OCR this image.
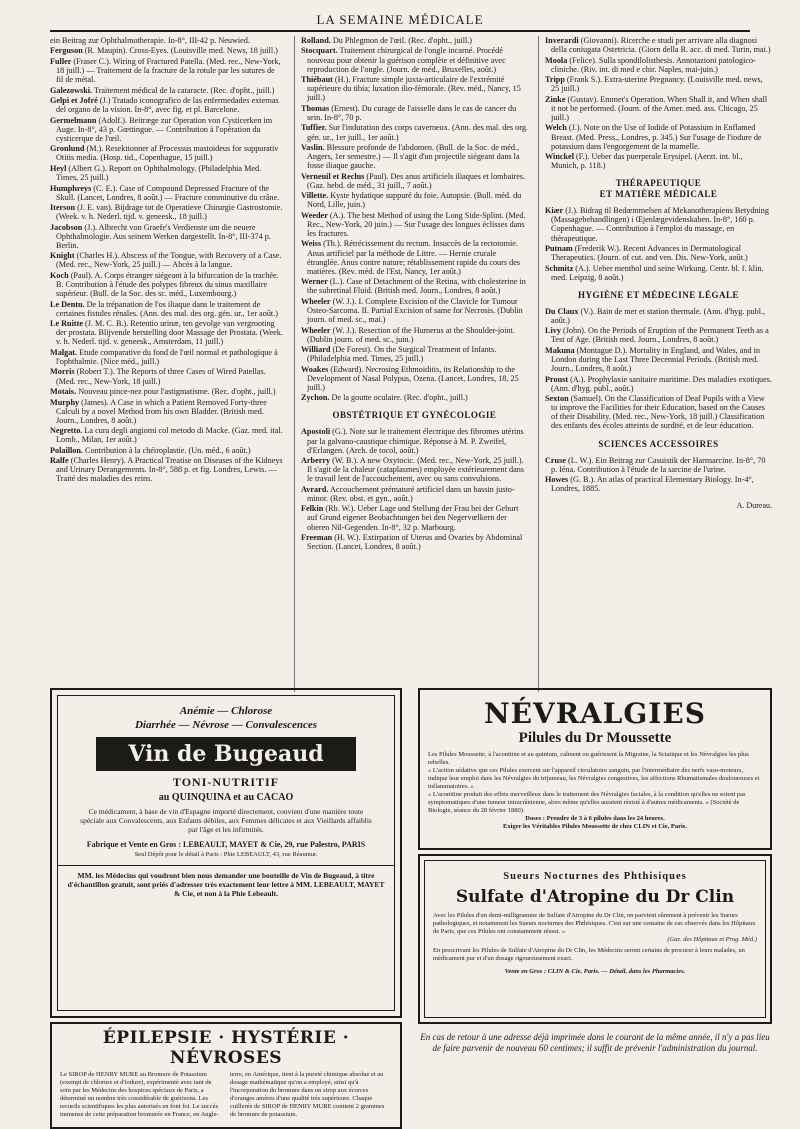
LA SEMAINE MÉDICALE
ein Beitrag zur Ophthalmotherapie. In-8°, III-42 p. Neuwied.
Ferguson (R. Maupin). Cross-Eyes. (Louisville med. News, 18 juill.)
Fuller (Fraser C.). Wiring of Fractured Patella. (Med. rec., New-York, 18 juill.) — Traitement de la fracture de la rotule par les sutures de fil de métal.
Galezowski. Traitement médical de la cataracte. (Rec. d'opht., juill.)
Gelpi et Jofré (J.) Tratado iconografico de las enfermedades externas del organo de la vision. In-8°, avec fig. et pl. Barcelone.
Germelmann (Adolf.). Beitræge zur Operation von Cysticerken im Auge. In-8°, 43 p. Gœttingue. — Contribution à l'opération du cysticerque de l'œil.
Gronlund (M.). Resektionner af Processus mastoideus for suppurativ Otitis media. (Hosp. tid., Copenhague, 15 juill.)
Heyl (Albert G.). Report on Ophthalmology. (Philadelphia Med. Times, 25 juill.)
Humphreys (C. E.). Case of Compound Depressed Fracture of the Skull. (Lancet, Londres, 8 août.) — Fracture comminutive du crâne.
Iterson (J. E. van). Bijdrage tot de Operatieve Chirurgie Gastrostomie. (Week. v. h. Nederl. tijd. v. geneesk., 18 juill.)
Jacobson (J.). Albrecht von Graefe's Verdienste um die neuere Ophthalmologie. Aus seinem Werken dargestellt. In-8°, III-374 p. Berlin.
Knight (Charles H.). Abscess of the Tongue, with Recovery of a Case. (Med. rec., New-York, 25 juill.) — Abcès à la langue.
Koch (Paul). A. Corps étranger siégeant à la bifurcation de la trachée. B. Contribution à l'étude des polypes fibreux du sinus maxillaire supérieur. (Bull. de la Soc. des sc. méd., Luxembourg.)
Le Dentu. De la trépanation de l'os iliaque dans le traitement de certaines fistules rénales. (Ann. des mal. des org. gén. ur., 1er août.)
Le Ruitte (J. M. C. B.). Retentio urinæ, ten gevolge van vergrooting der prostata. Blijvende herstelling door Massage der Prostata. (Week. v. h. Nederl. tijd. v. geneesk., Amsterdam, 11 juill.)
Malgat. Etude comparative du fond de l'œil normal et pathologique à l'ophthalmie. (Nice méd., juill.)
Morris (Robert T.). The Reports of three Cases of Wired Patellas. (Med. rec., New-York, 18 juill.)
Motais. Nouveau pince-nez pour l'astigmatisme. (Rec. d'opht., juill.)
Murphy (James). A Case in which a Patient Removed Forty-three Calculi by a novel Method from his own Bladder. (British med. Journ., Londres, 8 août.)
Negretto. La cura degli angiomi col metodo di Macke. (Gaz. med. ital. Lomb., Milan, 1er août.)
Polaillon. Contribution à la chéiroplastie. (Un. méd., 6 août.)
Ralfe (Charles Henry). A Practical Treatise on Diseases of the Kidneys and Urinary Derangements. In-8°, 588 p. et fig. Londres, Lewis. — Traité des maladies des reins.
Rolland. Du Phlegmon de l'œil. (Rec. d'opht., juill.)
Stocquart. Traitement chirurgical de l'ongle incarné. Procédé nouveau pour obtenir la guérison complète et définitive avec reproduction de l'ongle. (Journ. de méd., Bruxelles, août.)
Thiébaut (H.). Fracture simple juxta-articulaire de l'extrémité supérieure du tibia; luxation ilio-fémorale. (Rev. méd., Nancy, 15 juill.)
Thomas (Ernest). Du curage de l'aisselle dans le cas de cancer du sein. In-8°, 70 p.
Tuffier. Sur l'induration des corps caverneux. (Ann. des mal. des org. gén. ur., 1er juill., 1er août.)
Vaslin. Blessure profonde de l'abdomen. (Bull. de la Soc. de méd., Angers, 1er semestre.) — Il s'agit d'un projectile siégeant dans la fosse iliaque gauche.
Verneuil et Reclus (Paul). Des anus artificiels iliaques et lombaires. (Gaz. hebd. de méd., 31 juill., 7 août.)
Villette. Kyste hydatique suppuré du foie. Autopsie. (Bull. méd. du Nord, Lille, juin.)
Weeder (A.). The best Method of using the Long Side-Splint. (Med. Rec., New-York, 20 juin.) — Sur l'usage des longues éclisses dans les fractures.
Weiss (Th.). Rétrécissement du rectum. Insuccès de la rectotomie. Anus artificiel par la méthode de Littre. — Hernie crurale étranglée. Anus contre nature; rétablissement rapide du cours des matières. (Rev. méd. de l'Est, Nancy, 1er août.)
Werner (L.). Case of Detachment of the Retina, with cholesterine in the subretinal Fluid. (British med. Journ., Londres, 8 août.)
Wheeler (W. J.). I. Complete Excision of the Clavicle for Tumour Osteo-Sarcoma. II. Partial Excision of same for Necrosis. (Dublin journ. of med. sc., mai.)
Wheeler (W. J.). Resection of the Humerus at the Shoulder-joint. (Dublin journ. of med. sc., juin.)
Williard (De Forest). On the Surgical Treatment of Infants. (Philadelphia med. Times, 25 juill.)
Woakes (Edward). Necrosing Ethmoiditis, its Relationship to the Development of Nasal Polypus, Ozena. (Lancet, Londres, 18, 25 juill.)
Zychon. De la goutte oculaire. (Rec. d'opht., juill.)
OBSTÉTRIQUE ET GYNÉCOLOGIE
Apostoli (G.). Note sur le traitement électrique des fibromes utérins par la galvano-caustique chimique. Réponse à M. P. Zweifel, d'Erlangen. (Arch. de tocol, août.)
Arberry (W. B.). A new Oxytocic. (Med. rec., New-York, 25 juill.). Il s'agit de la chaleur (cataplasmes) employée extérieurement dans le travail lent de l'accouchement, avec ou sans convulsions.
Avrard. Accouchement prématuré artificiel dans un bassin justo-minor. (Rev. obst. et gyn., août.)
Felkin (Rb. W.). Ueber Lage und Stellung der Frau bei der Geburt auf Grund eigener Beobachtungen bei den Negervœlkern der oberen Nil-Gegenden. In-8°, 32 p. Marbourg.
Freeman (H. W.). Extirpation of Uterus and Ovaries by Abdominal Section. (Lancet, Londres, 8 août.)
Inverardi (Giovanni). Ricerche e studi per arrivare alla diagnosi della coniugata Ostetricia. (Giorn della R. acc. di med. Turin, mai.)
Moola (Felice). Sulla spondilolisthesis. Annotazioni patologico-cliniche. (Riv. int. di med e chir. Naples, mai-juin.)
Tripp (Frank S.). Extra-uterine Pregnancy. (Louisville med. news, 25 juill.)
Zinke (Gustav). Emmet's Operation. When Shall it, and When shall it not be performed. (Journ. of the Amer. med. ass. Chicago, 25 juill.)
Welch (J.). Note on the Use of Iodide of Potassium in Enflamed Breast. (Med. Press., Londres, p. 345.) Sur l'usage de l'iodure de potassium dans l'engorgement de la mamelle.
Winckel (F.). Ueber das puerperale Erysipel. (Aerzt. int. bl., Munich, p. 118.)
THÉRAPEUTIQUE
ET MATIÈRE MÉDICALE
Kiær (J.). Bidrag til Bedœmmelsen af Mekanotherapiens Betydning (Massagebehandlingen) i Œjenlægevidenskaben. In-8°, 160 p. Copenhague. — Contribution à l'emploi du massage, en thérapeutique.
Putnam (Frederik W.). Recent Advances in Dermatological Therapeutics. (Journ. of cut. and ven. Dis. New-York, août.)
Schmitz (A.). Ueber menthol und seine Wirkung. Centr. bl. f. klin. med. Leipzig, 8 août.)
HYGIÈNE ET MÉDECINE LÉGALE
Du Claux (V.). Bain de mer et station thermale. (Ann. d'hyg. publ., août.)
Livy (John). On the Periods of Eruption of the Permanent Teeth as a Test of Age. (British med. Journ., Londres, 8 août.)
Makuna (Montague D.). Mortality in England, and Wales, and in London during the Last Three Decennial Periods. (British med. Journ., Londres, 8 août.)
Proust (A.). Prophylaxie sanitaire maritime. Des maladies exotiques. (Ann. d'hyg. publ., août.)
Sexton (Samuel). On the Classification of Deaf Pupils with a View to improve the Facilities for their Education, based on the Causes of their Disability. (Med. rec., New-York, 18 juill.) Classification des enfants des écoles atteints de surdité, et de leur éducation.
SCIENCES ACCESSOIRES
Cruse (L. W.). Ein Beitrag zur Casuistik der Harnsarcine. In-8°, 70 p. Iéna. Contribution à l'étude de la sarcine de l'urine.
Howes (G. B.). An atlas of practical Elementary Biology. In-4°, Londres, 1885.
A. Dureau.
Anémie — Chlorose
Diarrhée — Névrose — Convalescences
Vin de Bugeaud
TONI-NUTRITIF
au QUINQUINA et au CACAO
Ce médicament, à base de vin d'Espagne importé directement, convient d'une manière toute spéciale aux Convalescents, aux Enfants débiles, aux Femmes délicates et aux Vieillards affaiblis par l'âge et les infirmités.
Fabrique et Vente en Gros : LEBEAULT, MAYET & Cie, 29, rue Palestro, PARIS
Seul Dépôt pour le détail à Paris : Phie LEBEAULT, 43, rue Réaumur.
MM. les Médecins qui voudront bien nous demander une bouteille de Vin de Bugeaud, à titre d'échantillon gratuit, sont priés d'adresser très exactement leur lettre à MM. LEBEAULT, MAYET & Cie, et non à la Phie Lebeault.
ÉPILEPSIE · HYSTÉRIE · NÉVROSES
Le SIROP de HENRY MURE au Bromure de Potassium (exempt de chlorure et d'iodure), expérimenté avec tant de soin par les Médecins des hospices spéciaux de Paris, a déterminé un nombre très considérable de guérisons. Les recueils scientifiques les plus autorisés en font foi. Le succès immense de cette préparation bromurée en France, en Angle-
terre, en Amérique, tient à la pureté chimique absolue et au dosage mathématique qu'on a employé, ainsi qu'à l'incorporation du bromure dans un sirop aux écorces d'oranges amères d'une qualité très supérieure. Chaque cuillerée de SIROP de HENRY MURE contient 2 grammes de bromure de potassium.
NÉVRALGIES
Pilules du Dr Moussette
Les Pilules Moussette, à l'aconitine et au quinium, calment ou guérissent la Migraine, la Sciatique et les Névralgies les plus rebelles.
« L'action sédative que ces Pilules exercent sur l'appareil circulatoire sanguin, par l'intermédiaire des nerfs vaso-moteurs, indique leur emploi dans les Névralgies du trijumeau, les Névralgies congestives, les affections Rhumatismales douloureuses et inflammatoires. »
« L'aconitine produit des effets merveilleux dans le traitement des Névralgies faciales, à la condition qu'elles ne soient pas symptomatiques d'une tumeur intracrânienne, alors même qu'elles auraient résisté à d'autres médicaments. » (Société de Biologie, séance du 28 février 1880).
Doses : Prendre de 3 à 6 pilules dans les 24 heures.
Exiger les Véritables Pilules Moussette de chez CLIN et Cie, Paris.
Sueurs Nocturnes des Phthisiques
Sulfate d'Atropine du Dr Clin
Avec les Pilules d'un demi-milligramme de Sulfate d'Atropine du Dr Clin, on parvient sûrement à prévenir les Sueurs pathologiques, et notamment les Sueurs nocturnes des Phthisiques. C'est sur une centaine de cas observés dans les Hôpitaux de Paris, que ces Pilules ont constamment réussi. »
(Gaz. des Hôpitaux et Prog. Méd.)
En prescrivant les Pilules de Sulfate d'Atropine du Dr Clin, les Médecins seront certains de procurer à leurs malades, un médicament pur et d'un dosage rigoureusement exact.
Vente en Gros : CLIN & Cie, Paris. — Détail, dans les Pharmacies.
En cas de retour à une adresse déjà imprimée dans le courant de la même année, il n'y a pas lieu de faire parvenir de nouveau 60 centimes; il suffit de prévenir l'administration du journal.
